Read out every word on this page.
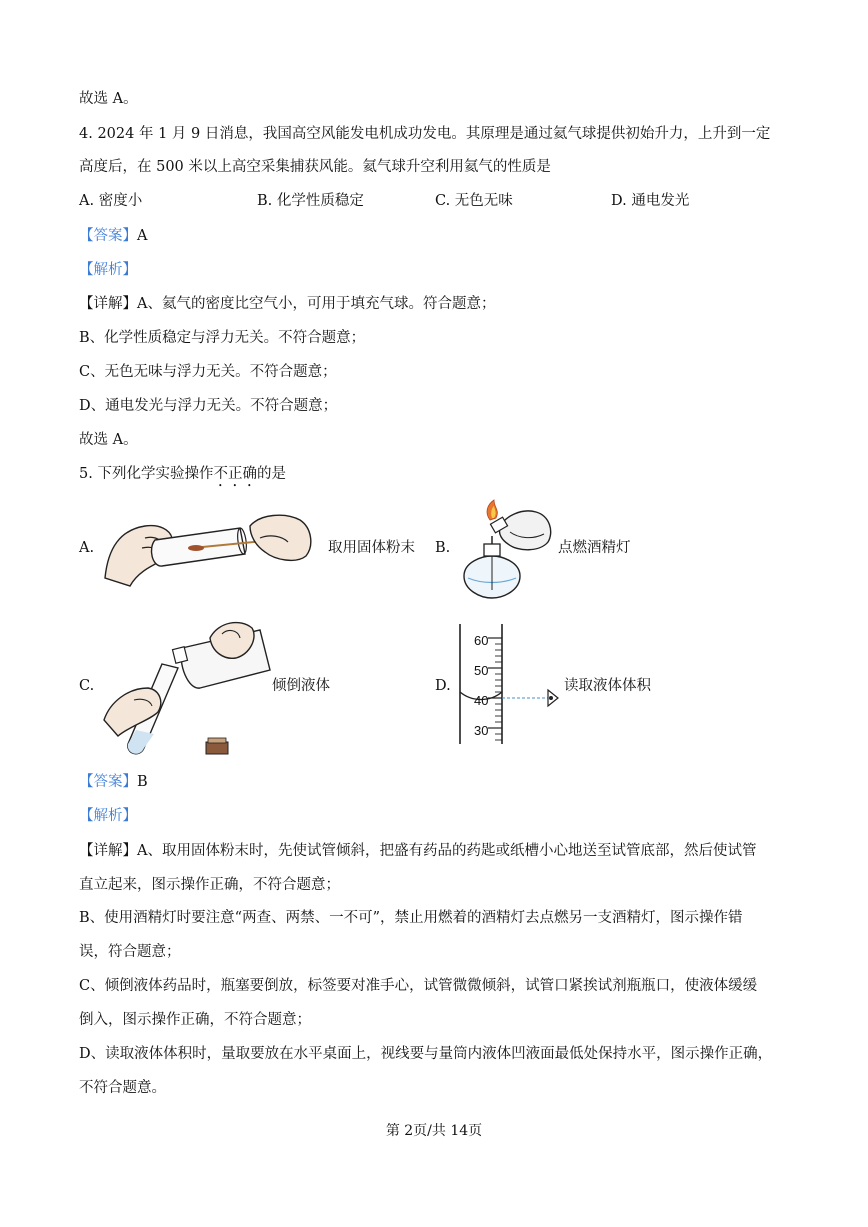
故选 A。
4. 2024 年 1 月 9 日消息，我国高空风能发电机成功发电。其原理是通过氦气球提供初始升力，上升到一定
高度后，在 500 米以上高空采集捕获风能。氦气球升空利用氦气的性质是
A. 密度小	B. 化学性质稳定	C. 无色无味	D. 通电发光
【答案】A
【解析】
【详解】A、氦气的密度比空气小，可用于填充气球。符合题意；
B、化学性质稳定与浮力无关。不符合题意；
C、无色无味与浮力无关。不符合题意；
D、通电发光与浮力无关。不符合题意；
故选 A。
5. 下列化学实验操作不正确的是
A.	取用固体粉末 B.	点燃酒精灯
C.	倾倒液体	D.
60
50
40
30
读取液体体积
【答案】B
【解析】
【详解】A、取用固体粉末时，先使试管倾斜，把盛有药品的药匙或纸槽小心地送至试管底部，然后使试管
直立起来，图示操作正确，不符合题意；
B、使用酒精灯时要注意“两查、两禁、一不可”，禁止用燃着的酒精灯去点燃另一支酒精灯，图示操作错
误，符合题意；
C、倾倒液体药品时，瓶塞要倒放，标签要对准手心，试管微微倾斜，试管口紧挨试剂瓶瓶口，使液体缓缓
倒入，图示操作正确，不符合题意；
D、读取液体体积时，量取要放在水平桌面上，视线要与量筒内液体凹液面最低处保持水平，图示操作正确，
不符合题意。
第 2页/共 14页
